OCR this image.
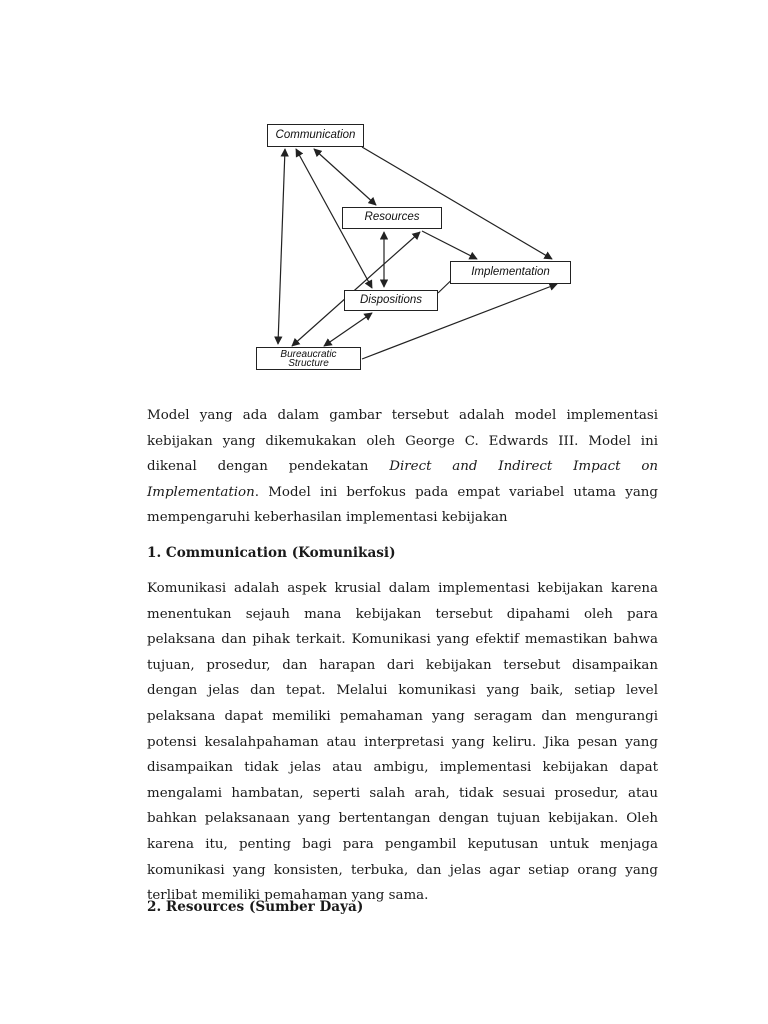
Communication
Resources
Implementation
Dispositions
Bureaucratic
Structure

Model yang ada dalam gambar tersebut adalah model implementasi kebijakan yang dikemukakan oleh George C. Edwards III. Model ini dikenal dengan pendekatan Direct and Indirect Impact on Implementation. Model ini berfokus pada empat variabel utama yang mempengaruhi keberhasilan implementasi kebijakan

1. Communication (Komunikasi)

Komunikasi adalah aspek krusial dalam implementasi kebijakan karena menentukan sejauh mana kebijakan tersebut dipahami oleh para pelaksana dan pihak terkait. Komunikasi yang efektif memastikan bahwa tujuan, prosedur, dan harapan dari kebijakan tersebut disampaikan dengan jelas dan tepat. Melalui komunikasi yang baik, setiap level pelaksana dapat memiliki pemahaman yang seragam dan mengurangi potensi kesalahpahaman atau interpretasi yang keliru. Jika pesan yang disampaikan tidak jelas atau ambigu, implementasi kebijakan dapat mengalami hambatan, seperti salah arah, tidak sesuai prosedur, atau bahkan pelaksanaan yang bertentangan dengan tujuan kebijakan. Oleh karena itu, penting bagi para pengambil keputusan untuk menjaga komunikasi yang konsisten, terbuka, dan jelas agar setiap orang yang terlibat memiliki pemahaman yang sama.

2. Resources (Sumber Daya)
